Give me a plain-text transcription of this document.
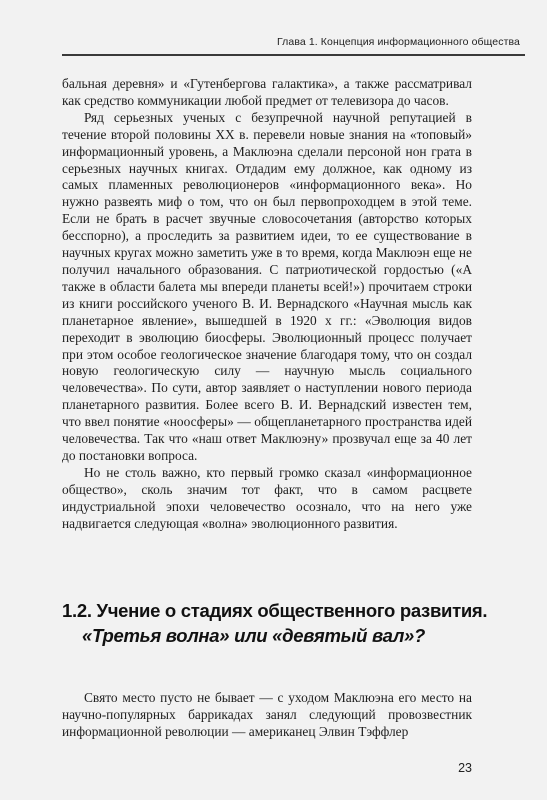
Глава 1. Концепция информационного общества

бальная деревня» и «Гутенбергова галактика», а также рассматривал как средство коммуникации любой предмет от телевизора до часов.

Ряд серьезных ученых с безупречной научной репутацией в течение второй половины XX в. перевели новые знания на «топовый» информационный уровень, а Маклюэна сделали персоной нон грата в серьезных научных книгах. Отдадим ему должное, как одному из самых пламенных революционеров «информационного века». Но нужно развеять миф о том, что он был первопроходцем в этой теме. Если не брать в расчет звучные словосочетания (авторство которых бесспорно), а проследить за развитием идеи, то ее существование в научных кругах можно заметить уже в то время, когда Маклюэн еще не получил начального образования. С патриотической гордостью («А также в области балета мы впереди планеты всей!») прочитаем строки из книги российского ученого В. И. Вернадского «Научная мысль как планетарное явление», вышедшей в 1920 х гг.: «Эволюция видов переходит в эволюцию биосферы. Эволюционный процесс получает при этом особое геологическое значение благодаря тому, что он создал новую геологическую силу — научную мысль социального человечества». По сути, автор заявляет о наступлении нового периода планетарного развития. Более всего В. И. Вернадский известен тем, что ввел понятие «ноосферы» — общепланетарного пространства идей человечества. Так что «наш ответ Маклюэну» прозвучал еще за 40 лет до постановки вопроса.

Но не столь важно, кто первый громко сказал «информационное общество», сколь значим тот факт, что в самом расцвете индустриальной эпохи человечество осознало, что на него уже надвигается следующая «волна» эволюционного развития.

1.2. Учение о стадиях общественного развития.
«Третья волна» или «девятый вал»?

Свято место пусто не бывает — с уходом Маклюэна его место на научно-популярных баррикадах занял следующий провозвестник информационной революции — американец Элвин Тэффлер

23
